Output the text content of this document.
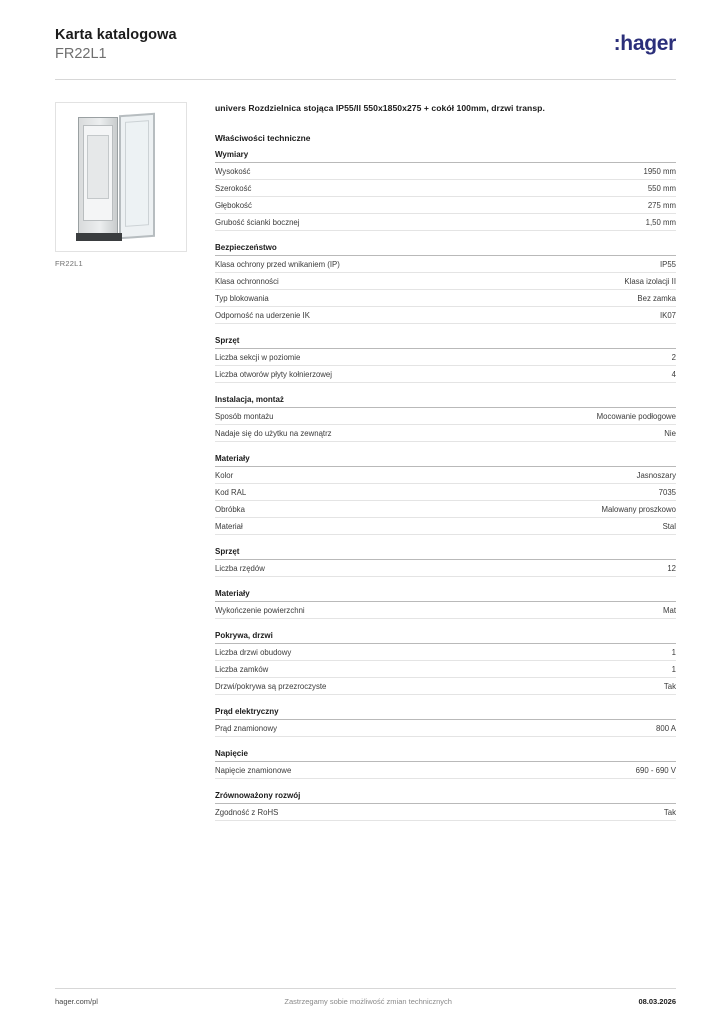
Karta katalogowa
FR22L1	:hager
FR22L1
univers Rozdzielnica stojąca IP55/II 550x1850x275 + cokół 100mm, drzwi transp.
Właściwości techniczne
Wymiary
Wysokość	1950 mm
Szerokość	550 mm
Głębokość	275 mm
Grubość ścianki bocznej	1,50 mm
Bezpieczeństwo
Klasa ochrony przed wnikaniem (IP)	IP55
Klasa ochronności	Klasa izolacji II
Typ blokowania	Bez zamka
Odporność na uderzenie IK	IK07
Sprzęt
Liczba sekcji w poziomie	2
Liczba otworów płyty kołnierzowej	4
Instalacja, montaż
Sposób montażu	Mocowanie podłogowe
Nadaje się do użytku na zewnątrz	Nie
Materiały
Kolor	Jasnoszary
Kod RAL	7035
Obróbka	Malowany proszkowo
Materiał	Stal
Sprzęt
Liczba rzędów	12
Materiały
Wykończenie powierzchni	Mat
Pokrywa, drzwi
Liczba drzwi obudowy	1
Liczba zamków	1
Drzwi/pokrywa są przezroczyste	Tak
Prąd elektryczny
Prąd znamionowy	800 A
Napięcie
Napięcie znamionowe	690 - 690 V
Zrównoważony rozwój
Zgodność z RoHS	Tak
hager.com/pl	Zastrzegamy sobie możliwość zmian technicznych	08.03.2026
